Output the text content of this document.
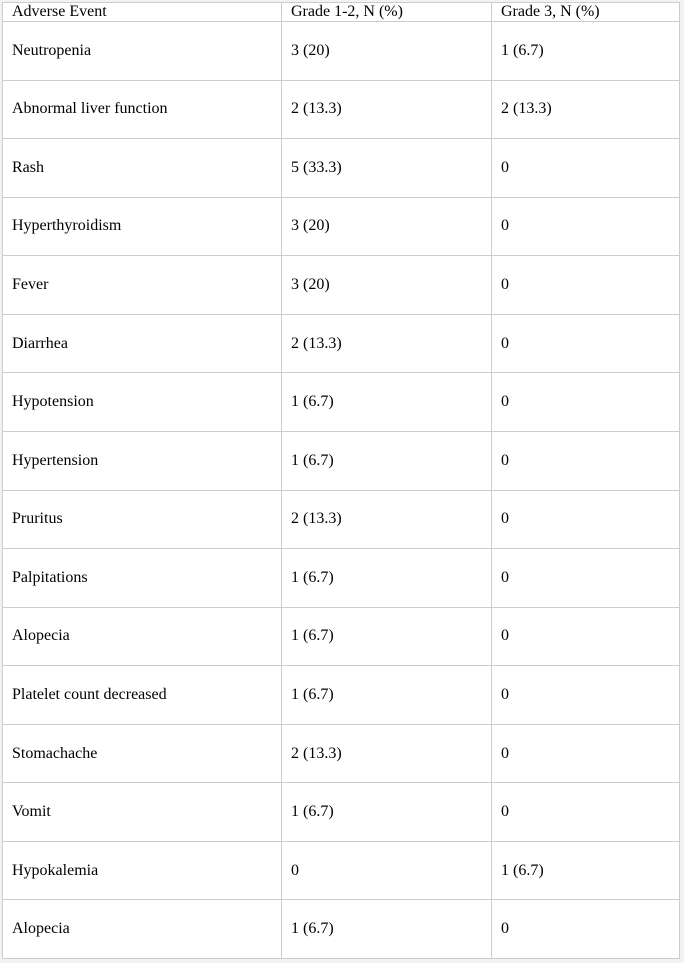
Adverse Event	Grade 1-2, N (%)	Grade 3, N (%)
Neutropenia	3 (20)	1 (6.7)
Abnormal liver function	2 (13.3)	2 (13.3)
Rash	5 (33.3)	0
Hyperthyroidism	3 (20)	0
Fever	3 (20)	0
Diarrhea	2 (13.3)	0
Hypotension	1 (6.7)	0
Hypertension	1 (6.7)	0
Pruritus	2 (13.3)	0
Palpitations	1 (6.7)	0
Alopecia	1 (6.7)	0
Platelet count decreased	1 (6.7)	0
Stomachache	2 (13.3)	0
Vomit	1 (6.7)	0
Hypokalemia	0	1 (6.7)
Alopecia	1 (6.7)	0
